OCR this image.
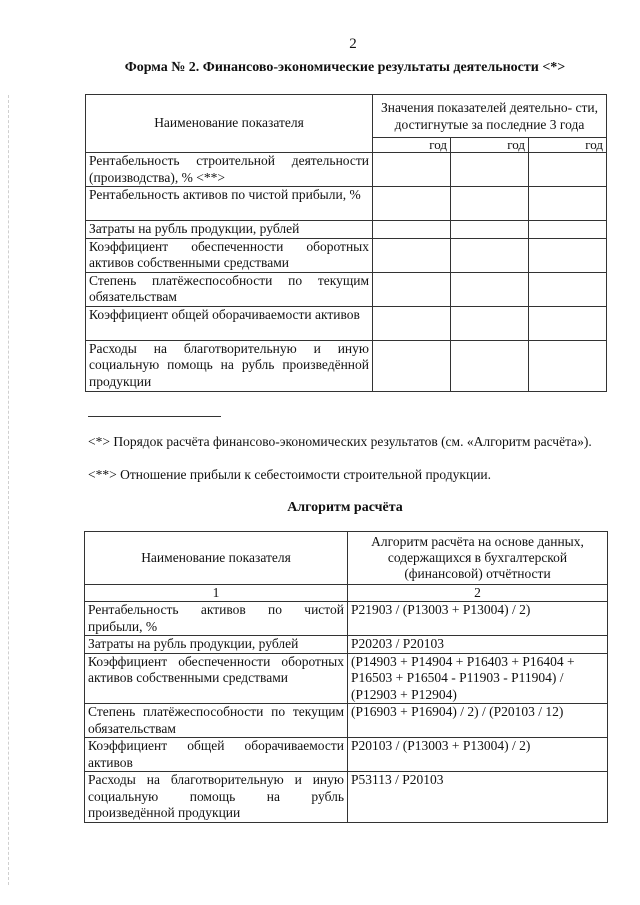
2
Форма № 2. Финансово-экономические результаты деятельности <*>
Наименование показателя	Значения показателей деятельно- сти, достигнутые за последние 3 года		
	год	год	год
Рентабельность строительной деятельности (производства), % <**>			
Рентабельность активов по чистой прибыли, %			
Затраты на рубль продукции, рублей			
Коэффициент обеспеченности оборотных активов собственными средствами			
Степень платёжеспособности по текущим обязательствам			
Коэффициент общей оборачиваемости активов			
Расходы на благотворительную и иную социальную помощь на рубль произведённой продукции			
<*> Порядок расчёта финансово-экономических результатов (см. «Алгоритм расчёта»).
<**> Отношение прибыли к себестоимости строительной продукции.
Алгоритм расчёта
Наименование показателя	Алгоритм расчёта на основе данных, содержащихся в бухгалтерской (финансовой) отчётности
1	2
Рентабельность активов по чистой прибыли, %	Р21903 / (Р13003 + Р13004) / 2)
Затраты на рубль продукции, рублей	Р20203 / Р20103
Коэффициент обеспеченности оборотных активов собственными средствами	(Р14903 + Р14904 + Р16403 + Р16404 + Р16503 + Р16504 - Р11903 - Р11904) / (Р12903 + Р12904)
Степень платёжеспособности по текущим обязательствам	(Р16903 + Р16904) / 2) / (Р20103 / 12)
Коэффициент общей оборачиваемости активов	Р20103 / (Р13003 + Р13004) / 2)
Расходы на благотворительную и иную социальную помощь на рубль произведённой продукции	Р53113 / Р20103
